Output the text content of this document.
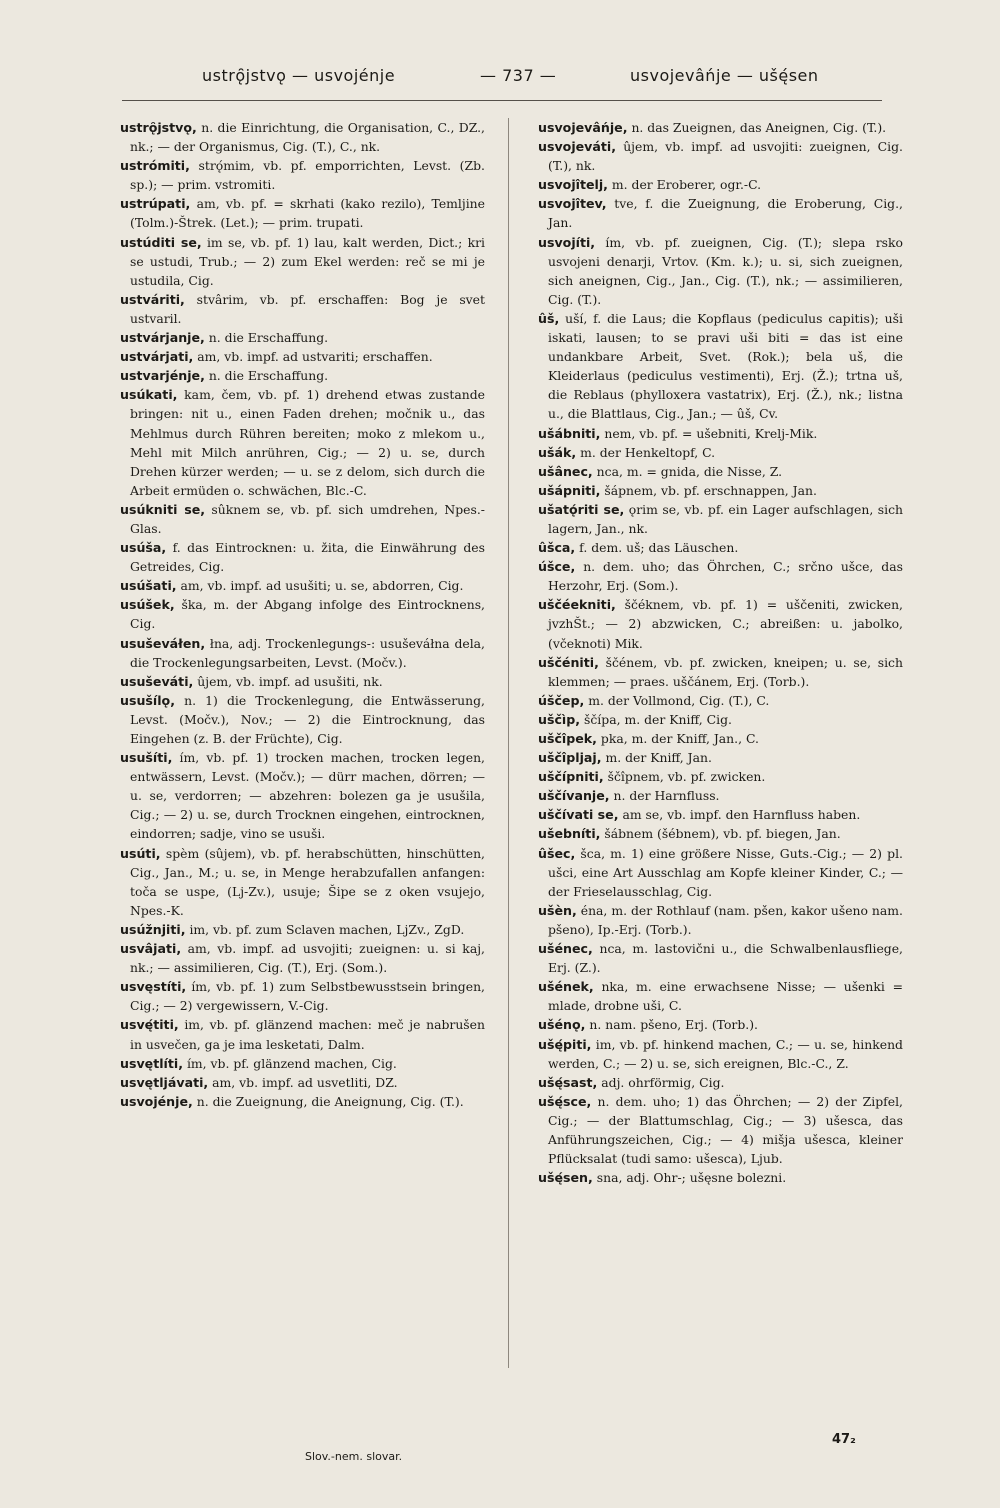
ustrǫ̑jstvǫ — usvojénje	— 737 —	usvojevâńje — ušę́sen

ustrǫ̑jstvǫ, n. die Einrichtung, die Organisation, C., DZ., nk.; — der Organismus, Cig. (T.), C., nk.

ustrómiti, strǫ́mim, vb. pf. emporrichten, Levst. (Zb. sp.); — prim. vstromiti.

ustrúpati, am, vb. pf. = skrhati (kako rezilo), Temljine (Tolm.)-Štrek. (Let.); — prim. trupati.

ustúditi se, im se, vb. pf. 1) lau, kalt werden, Dict.; kri se ustudi, Trub.; — 2) zum Ekel werden: reč se mi je ustudila, Cig.

ustváriti, stvârim, vb. pf. erschaffen: Bog je svet ustvaril.

ustvárjanje, n. die Erschaffung.

ustvárjati, am, vb. impf. ad ustvariti; erschaffen.

ustvarjénje, n. die Erschaffung.

usúkati, kam, čem, vb. pf. 1) drehend etwas zustande bringen: nit u., einen Faden drehen; močnik u., das Mehlmus durch Rühren bereiten; moko z mlekom u., Mehl mit Milch anrühren, Cig.; — 2) u. se, durch Drehen kürzer werden; — u. se z delom, sich durch die Arbeit ermüden o. schwächen, Blc.-C.

usúkniti se, sûknem se, vb. pf. sich umdrehen, Npes.-Glas.

usúša, f. das Eintrocknen: u. žita, die Einwährung des Getreides, Cig.

usúšati, am, vb. impf. ad usušiti; u. se, abdorren, Cig.

usúšek, ška, m. der Abgang infolge des Eintrocknens, Cig.

usuševáłen, łna, adj. Trockenlegungs-: usuševáłna dela, die Trockenlegungsarbeiten, Levst. (Močv.).

usuševáti, ûjem, vb. impf. ad usušiti, nk.

usušílǫ, n. 1) die Trockenlegung, die Entwässerung, Levst. (Močv.), Nov.; — 2) die Eintrocknung, das Eingehen (z. B. der Früchte), Cig.

usušíti, ím, vb. pf. 1) trocken machen, trocken legen, entwässern, Levst. (Močv.); — dürr machen, dörren; — u. se, verdorren; — abzehren: bolezen ga je usušila, Cig.; — 2) u. se, durch Trocknen eingehen, eintrocknen, eindorren; sadje, vino se usuši.

usúti, spèm (sûjem), vb. pf. herabschütten, hinschütten, Cig., Jan., M.; u. se, in Menge herabzufallen anfangen: toča se uspe, (Lj-Zv.), usuje; Šipe se z oken vsujejo, Npes.-K.

usúžnjiti, im, vb. pf. zum Sclaven machen, LjZv., ZgD.

usvâjati, am, vb. impf. ad usvojiti; zueignen: u. si kaj, nk.; — assimilieren, Cig. (T.), Erj. (Som.).

usvęstíti, ím, vb. pf. 1) zum Selbstbewusstsein bringen, Cig.; — 2) vergewissern, V.-Cig.

usvę́titi, im, vb. pf. glänzend machen: meč je nabrušen in usvečen, ga je ima lesketati, Dalm.

usvętlíti, ím, vb. pf. glänzend machen, Cig.

usvętljávati, am, vb. impf. ad usvetliti, DZ.

usvojénje, n. die Zueignung, die Aneignung, Cig. (T.).

usvojevâńje, n. das Zueignen, das Aneignen, Cig. (T.).

usvojeváti, ûjem, vb. impf. ad usvojiti: zueignen, Cig. (T.), nk.

usvojîtelj, m. der Eroberer, ogr.-C.

usvojîtev, tve, f. die Zueignung, die Eroberung, Cig., Jan.

usvojíti, ím, vb. pf. zueignen, Cig. (T.); slepa rsko usvojeni denarji, Vrtov. (Km. k.); u. si, sich zueignen, sich aneignen, Cig., Jan., Cig. (T.), nk.; — assimilieren, Cig. (T.).

ûš, uší, f. die Laus; die Kopflaus (pediculus capitis); uši iskati, lausen; to se pravi uši biti = das ist eine undankbare Arbeit, Svet. (Rok.); bela uš, die Kleiderlaus (pediculus vestimenti), Erj. (Ž.); trtna uš, die Reblaus (phylloxera vastatrix), Erj. (Ž.), nk.; listna u., die Blattlaus, Cig., Jan.; — ûš, Cv.

ušábniti, nem, vb. pf. = ušebniti, Krelj-Mik.

ušák, m. der Henkeltopf, C.

ušânec, nca, m. = gnida, die Nisse, Z.

ušápniti, šápnem, vb. pf. erschnappen, Jan.

ušatǫ́riti se, ǫrim se, vb. pf. ein Lager aufschlagen, sich lagern, Jan., nk.

ûšca, f. dem. uš; das Läuschen.

úšce, n. dem. uho; das Öhrchen, C.; srčno ušce, das Herzohr, Erj. (Som.).

uščéekniti, ščéknem, vb. pf. 1) = uščeniti, zwicken, jvzhŠt.; — 2) abzwicken, C.; abreißen: u. jabolko, (včeknoti) Mik.

uščéniti, ščénem, vb. pf. zwicken, kneipen; u. se, sich klemmen; — praes. uščánem, Erj. (Torb.).

úščep, m. der Vollmond, Cig. (T.), C.

uščìp, ščípa, m. der Kniff, Cig.

uščîpek, pka, m. der Kniff, Jan., C.

uščîpljaj, m. der Kniff, Jan.

uščípniti, ščîpnem, vb. pf. zwicken.

uščívanje, n. der Harnfluss.

uščívati se, am se, vb. impf. den Harnfluss haben.

ušebníti, šábnem (šébnem), vb. pf. biegen, Jan.

ûšec, šca, m. 1) eine größere Nisse, Guts.-Cig.; — 2) pl. ušci, eine Art Ausschlag am Kopfe kleiner Kinder, C.; — der Frieselausschlag, Cig.

ušèn, éna, m. der Rothlauf (nam. pšen, kakor ušeno nam. pšeno), Ip.-Erj. (Torb.).

ušénec, nca, m. lastovični u., die Schwalbenlausfliege, Erj. (Z.).

ušének, nka, m. eine erwachsene Nisse; — ušenki = mlade, drobne uši, C.

ušénǫ, n. nam. pšeno, Erj. (Torb.).

ušę́piti, im, vb. pf. hinkend machen, C.; — u. se, hinkend werden, C.; — 2) u. se, sich ereignen, Blc.-C., Z.

ušę́sast, adj. ohrförmig, Cig.

ušę́sce, n. dem. uho; 1) das Öhrchen; — 2) der Zipfel, Cig.; — der Blattumschlag, Cig.; — 3) ušesca, das Anführungszeichen, Cig.; — 4) mišja ušesca, kleiner Pflücksalat (tudi samo: ušesca), Ljub.

ušę́sen, sna, adj. Ohr-; ušęsne bolezni.

Slov.-nem. slovar.
47₂
